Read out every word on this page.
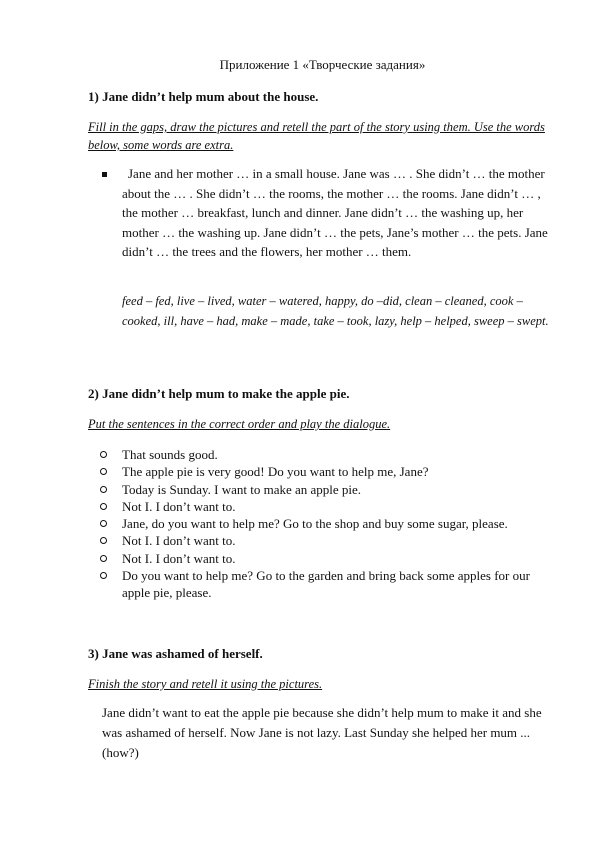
Приложение 1 «Творческие задания»
1) Jane didn’t help mum about the house.
Fill in the gaps, draw the pictures and retell the part of the story using them. Use the words below, some words are extra.
Jane and her mother … in a small house. Jane was … . She didn’t … the mother about the … . She didn’t … the rooms, the mother … the rooms. Jane didn’t … , the mother … breakfast, lunch and dinner. Jane didn’t … the washing up, her mother … the washing up. Jane didn’t … the pets, Jane’s mother … the pets. Jane didn’t … the trees and the flowers, her mother … them.
feed – fed, live – lived, water – watered, happy, do –did, clean – cleaned, cook – cooked, ill, have – had, make – made, take – took, lazy, help – helped, sweep – swept.
2) Jane didn’t help mum to make the apple pie.
Put the sentences in the correct order and play the dialogue.
That sounds good.
The apple pie is very good! Do you want to help me, Jane?
Today is Sunday. I want to make an apple pie.
Not I. I don’t want to.
Jane, do you want to help me? Go to the shop and buy some sugar, please.
Not I. I don’t want to.
Not I. I don’t want to.
Do you want to help me? Go to the garden and bring back some apples for our apple pie, please.
3) Jane was ashamed of herself.
Finish the story and retell it using the pictures.
Jane didn’t want to eat the apple pie because she didn’t help mum to make it and she was ashamed of herself. Now Jane is not lazy. Last Sunday she helped her mum ... (how?)
